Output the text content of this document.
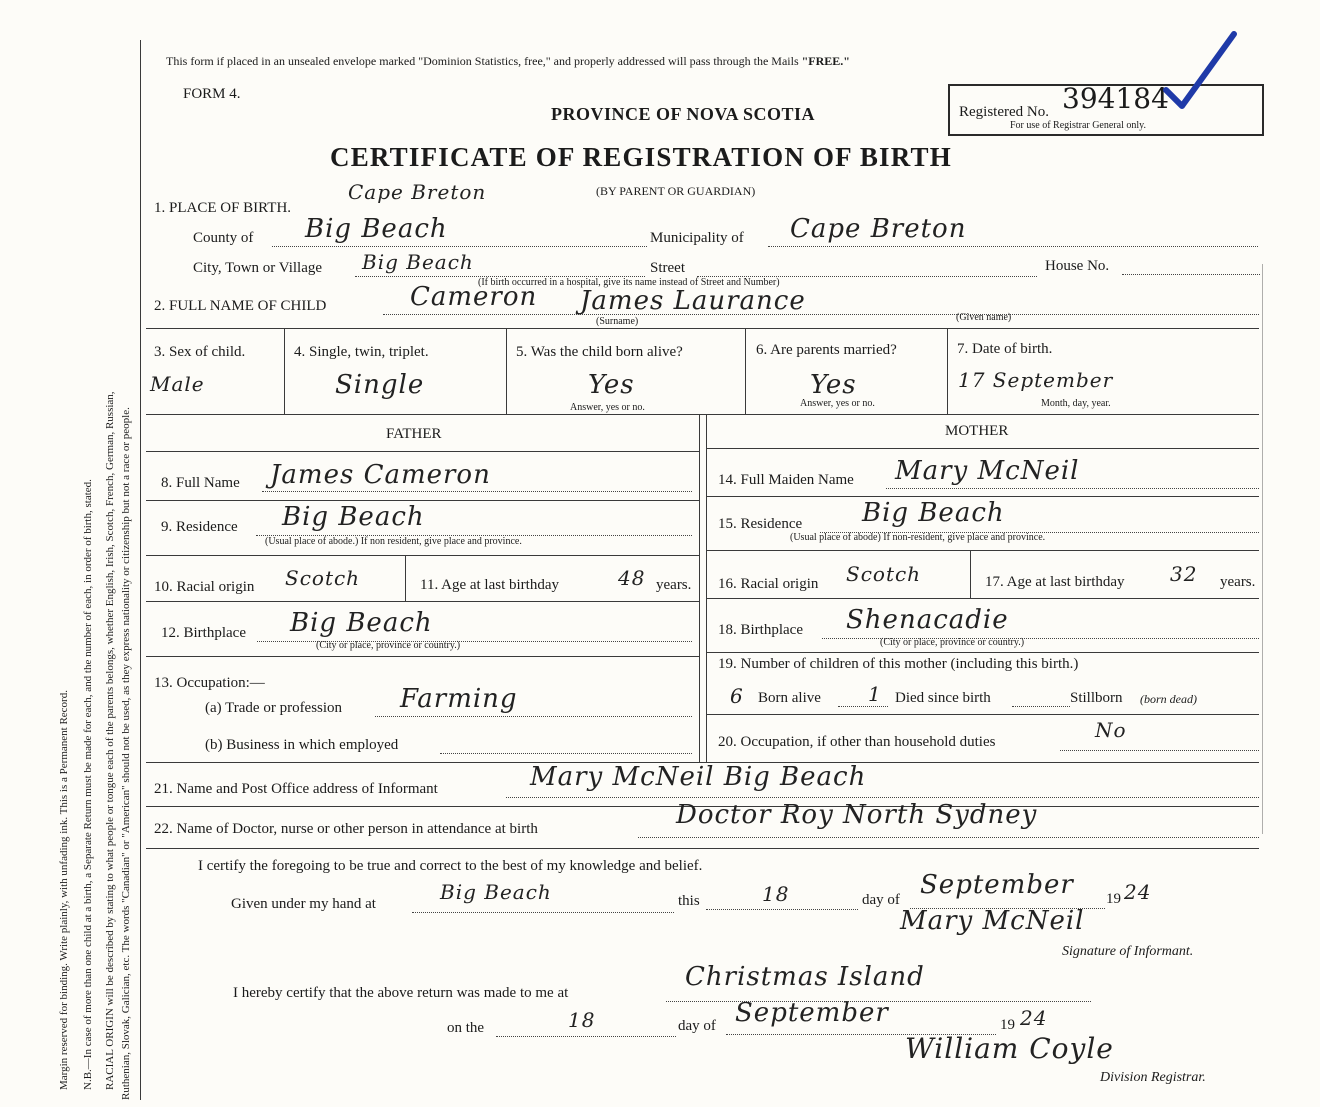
Margin reserved for binding. Write plainly, with unfading ink. This is a Permanent Record. N.B.—In case of more than one child at a birth, a Separate Return must be made for each, and the number of each, in order of birth, stated. RACIAL ORIGIN will be described by stating to what people or tongue each of the parents belongs, whether English, Irish, Scotch, French, German, Russian, Ruthenian, Slovak, Galician, etc. The words "Canadian" or "American" should not be used, as they express nationality or citizenship but not a race or people.
This form if placed in an unsealed envelope marked "Dominion Statistics, free," and properly addressed will pass through the Mails "FREE."
FORM 4.
PROVINCE OF NOVA SCOTIA
CERTIFICATE OF REGISTRATION OF BIRTH
(BY PARENT OR GUARDIAN)
Registered No. 394184
For use of Registrar General only.
1. PLACE OF BIRTH.
Cape Breton
County of Big Beach	Municipality of Cape Breton
City, Town or Village Big Beach	Street	House No.
(If birth occurred in a hospital, give its name instead of Street and Number)
2. FULL NAME OF CHILD	Cameron James Laurance
(Surname)	(Given name)
3. Sex of child.
Male
4. Single, twin, triplet.
Single
5. Was the child born alive?
Yes
Answer, yes or no.
6. Are parents married?
Yes
Answer, yes or no.
7. Date of birth.
17 September
Month, day, year.
FATHER	MOTHER
8. Full Name James Cameron
9. Residence Big Beach
(Usual place of abode.) If non resident, give place and province.
10. Racial origin Scotch	11. Age at last birthday	48 years.
12. Birthplace Big Beach
(City or place, province or country.)
13. Occupation:—
(a) Trade or profession Farming
(b) Business in which employed
14. Full Maiden Name Mary McNeil
15. Residence Big Beach
(Usual place of abode) If non-resident, give place and province.
16. Racial origin Scotch	17. Age at last birthday 32 years.
18. Birthplace Shenacadie
(City or place, province or country.)
19. Number of children of this mother (including this birth.)
6 Born alive 1 Died since birth	Stillborn (born dead)
20. Occupation, if other than household duties	No
21. Name and Post Office address of Informant	Mary McNeil Big Beach
22. Name of Doctor, nurse or other person in attendance at birth	Doctor Roy North Sydney
I certify the foregoing to be true and correct to the best of my knowledge and belief.
Given under my hand at	Big Beach	this	18	day of September 19 24
Mary McNeil
Signature of Informant.
I hereby certify that the above return was made to me at
Christmas Island
on the	18	day of September	19 24
William Coyle
Division Registrar.
